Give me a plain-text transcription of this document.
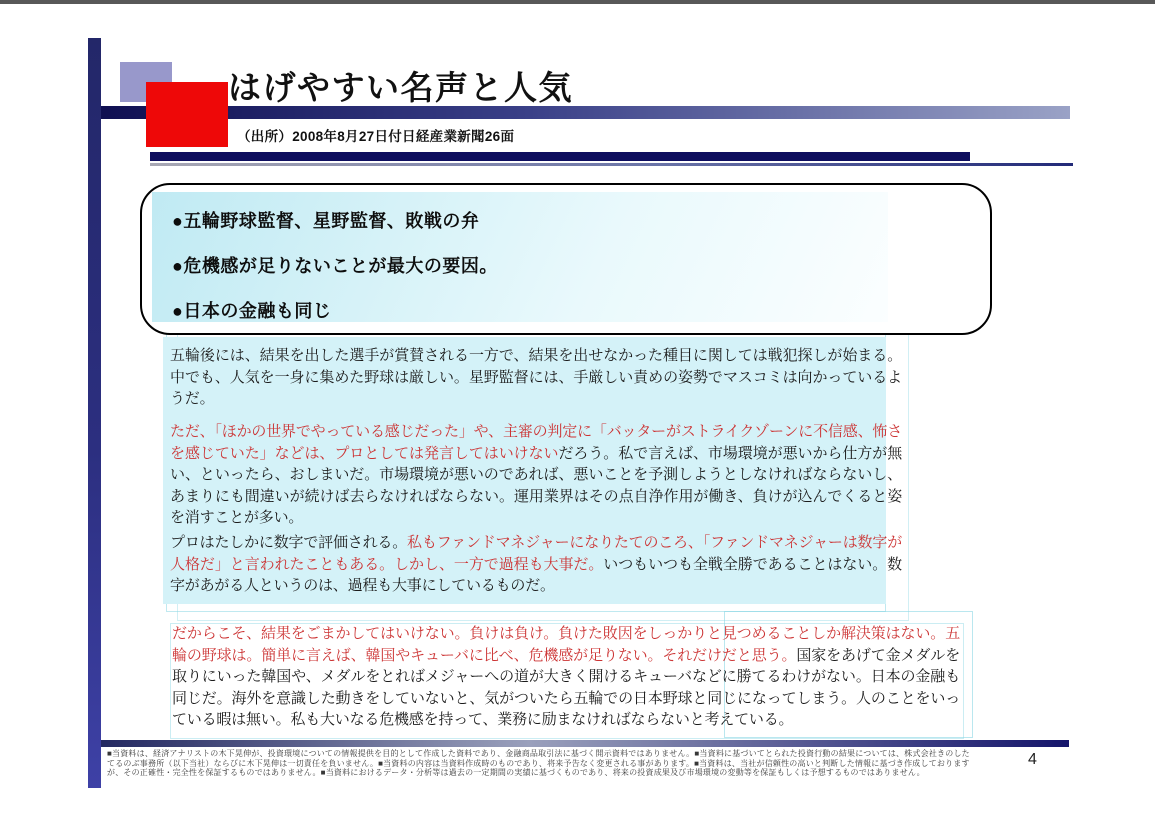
はげやすい名声と人気
（出所）2008年8月27日付日経産業新聞26面
●五輪野球監督、星野監督、敗戦の弁
●危機感が足りないことが最大の要因。
●日本の金融も同じ
五輪後には、結果を出した選手が賞賛される一方で、結果を出せなかった種目に関しては戦犯探しが始まる。中でも、人気を一身に集めた野球は厳しい。星野監督には、手厳しい責めの姿勢でマスコミは向かっているようだ。
ただ、「ほかの世界でやっている感じだった」や、主審の判定に「バッターがストライクゾーンに不信感、怖さを感じていた」などは、プロとしては発言してはいけないだろう。私で言えば、市場環境が悪いから仕方が無い、といったら、おしまいだ。市場環境が悪いのであれば、悪いことを予測しようとしなければならないし、あまりにも間違いが続けば去らなければならない。運用業界はその点自浄作用が働き、負けが込んでくると姿を消すことが多い。
プロはたしかに数字で評価される。私もファンドマネジャーになりたてのころ、「ファンドマネジャーは数字が人格だ」と言われたこともある。しかし、一方で過程も大事だ。いつもいつも全戦全勝であることはない。数字があがる人というのは、過程も大事にしているものだ。
だからこそ、結果をごまかしてはいけない。負けは負け。負けた敗因をしっかりと見つめることしか解決策はない。五輪の野球は。簡単に言えば、韓国やキューバに比べ、危機感が足りない。それだけだと思う。国家をあげて金メダルを取りにいった韓国や、メダルをとればメジャーへの道が大きく開けるキューバなどに勝てるわけがない。日本の金融も同じだ。海外を意識した動きをしていないと、気がついたら五輪での日本野球と同じになってしまう。人のことをいっている暇は無い。私も大いなる危機感を持って、業務に励まなければならないと考えている。
■当資料は、経済アナリストの木下晃伸が、投資環境についての情報提供を目的として作成した資料であり、金融商品取引法に基づく開示資料ではありません。■当資料に基づいてとられた投資行動の結果については、株式会社きのした
てるのぶ事務所（以下当社）ならびに木下晃伸は一切責任を負いません。■当資料の内容は当資料作成時のものであり、将来予告なく変更される事があります。■当資料は、当社が信頼性の高いと判断した情報に基づき作成しております
が、その正確性・完全性を保証するものではありません。■当資料におけるデータ・分析等は過去の一定期間の実績に基づくものであり、将来の投資成果及び市場環境の変動等を保証もしくは予想するものではありません。
4
